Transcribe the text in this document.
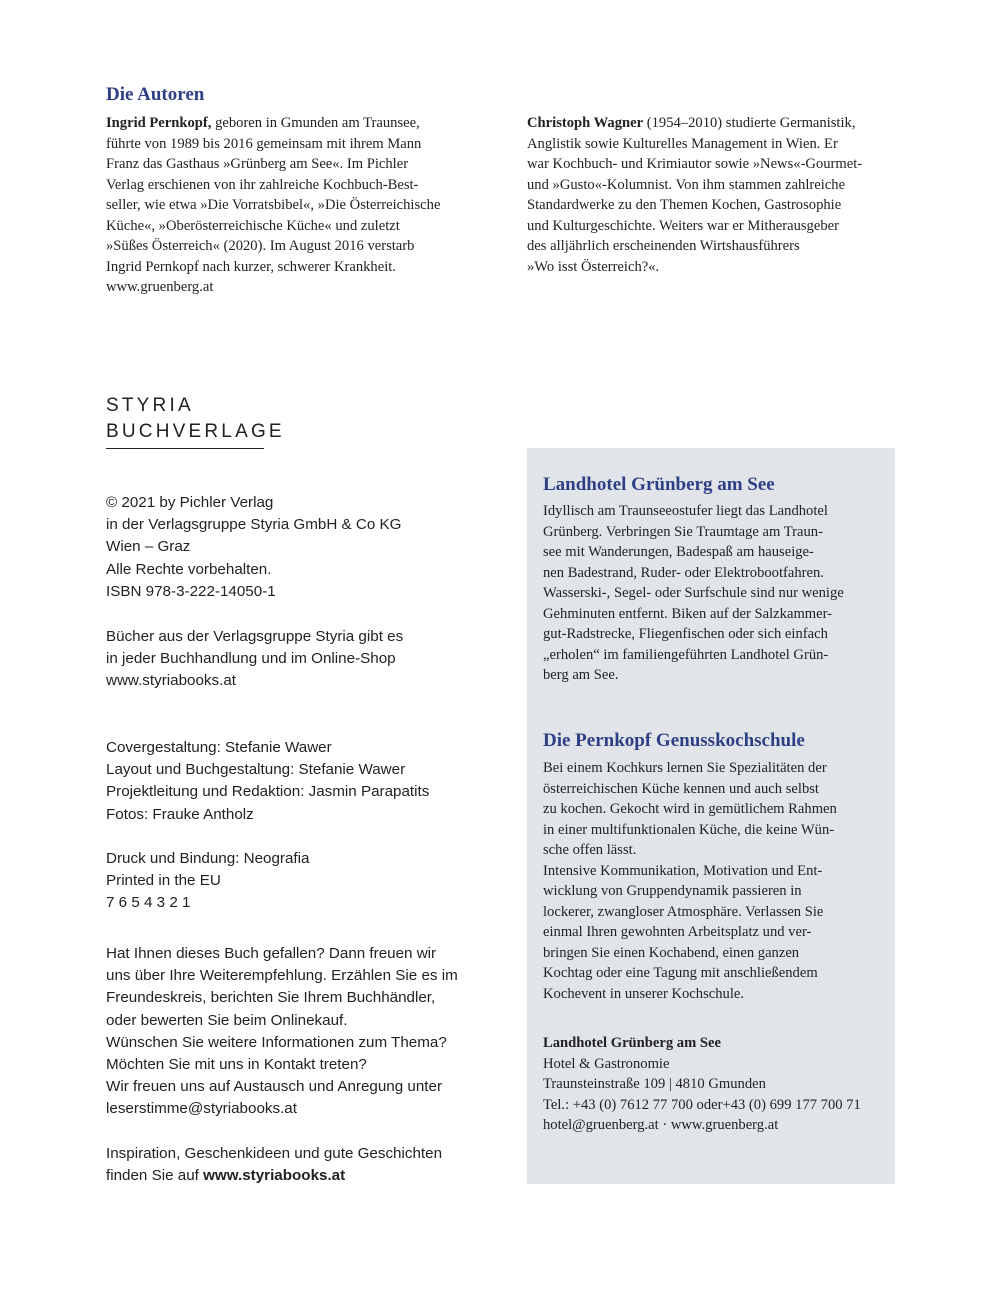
Die Autoren

Ingrid Pernkopf, geboren in Gmunden am Traunsee,
führte von 1989 bis 2016 gemeinsam mit ihrem Mann
Franz das Gasthaus »Grünberg am See«. Im Pichler
Verlag erschienen von ihr zahlreiche Kochbuch-Best-
seller, wie etwa »Die Vorratsbibel«, »Die Österreichische
Küche«, »Oberösterreichische Küche« und zuletzt
»Süßes Österreich« (2020). Im August 2016 verstarb
Ingrid Pernkopf nach kurzer, schwerer Krankheit.
www.gruenberg.at

Christoph Wagner (1954–2010) studierte Germanistik,
Anglistik sowie Kulturelles Management in Wien. Er
war Kochbuch- und Krimiautor sowie »News«-Gourmet-
und »Gusto«-Kolumnist. Von ihm stammen zahlreiche
Standardwerke zu den Themen Kochen, Gastrosophie
und Kulturgeschichte. Weiters war er Mitherausgeber
des alljährlich erscheinenden Wirtshausführers
»Wo isst Österreich?«.

STYRIA
BUCHVERLAGE

© 2021 by Pichler Verlag
in der Verlagsgruppe Styria GmbH & Co KG
Wien – Graz
Alle Rechte vorbehalten.
ISBN 978-3-222-14050-1

Bücher aus der Verlagsgruppe Styria gibt es
in jeder Buchhandlung und im Online-Shop
www.styriabooks.at

Covergestaltung: Stefanie Wawer
Layout und Buchgestaltung: Stefanie Wawer
Projektleitung und Redaktion: Jasmin Parapatits
Fotos: Frauke Antholz

Druck und Bindung: Neografia
Printed in the EU
7 6 5 4 3 2 1

Hat Ihnen dieses Buch gefallen? Dann freuen wir
uns über Ihre Weiterempfehlung. Erzählen Sie es im
Freundeskreis, berichten Sie Ihrem Buchhändler,
oder bewerten Sie beim Onlinekauf.
Wünschen Sie weitere Informationen zum Thema?
Möchten Sie mit uns in Kontakt treten?
Wir freuen uns auf Austausch und Anregung unter
leserstimme@styriabooks.at

Inspiration, Geschenkideen und gute Geschichten
finden Sie auf www.styriabooks.at

Landhotel Grünberg am See

Idyllisch am Traunseeostufer liegt das Landhotel
Grünberg. Verbringen Sie Traumtage am Traun-
see mit Wanderungen, Badespaß am hauseige-
nen Badestrand, Ruder- oder Elektrobootfahren.
Wasserski-, Segel- oder Surfschule sind nur wenige
Gehminuten entfernt. Biken auf der Salzkammer-
gut-Radstrecke, Fliegenfischen oder sich einfach
„erholen“ im familiengeführten Landhotel Grün-
berg am See.

Die Pernkopf Genusskochschule

Bei einem Kochkurs lernen Sie Spezialitäten der
österreichischen Küche kennen und auch selbst
zu kochen. Gekocht wird in gemütlichem Rahmen
in einer multifunktionalen Küche, die keine Wün-
sche offen lässt.
Intensive Kommunikation, Motivation und Ent-
wicklung von Gruppendynamik passieren in
lockerer, zwangloser Atmosphäre. Verlassen Sie
einmal Ihren gewohnten Arbeitsplatz und ver-
bringen Sie einen Kochabend, einen ganzen
Kochtag oder eine Tagung mit anschließendem
Kochevent in unserer Kochschule.

Landhotel Grünberg am See
Hotel & Gastronomie
Traunsteinstraße 109 | 4810 Gmunden
Tel.: +43 (0) 7612 77 700 oder+43 (0) 699 177 700 71
hotel@gruenberg.at · www.gruenberg.at
